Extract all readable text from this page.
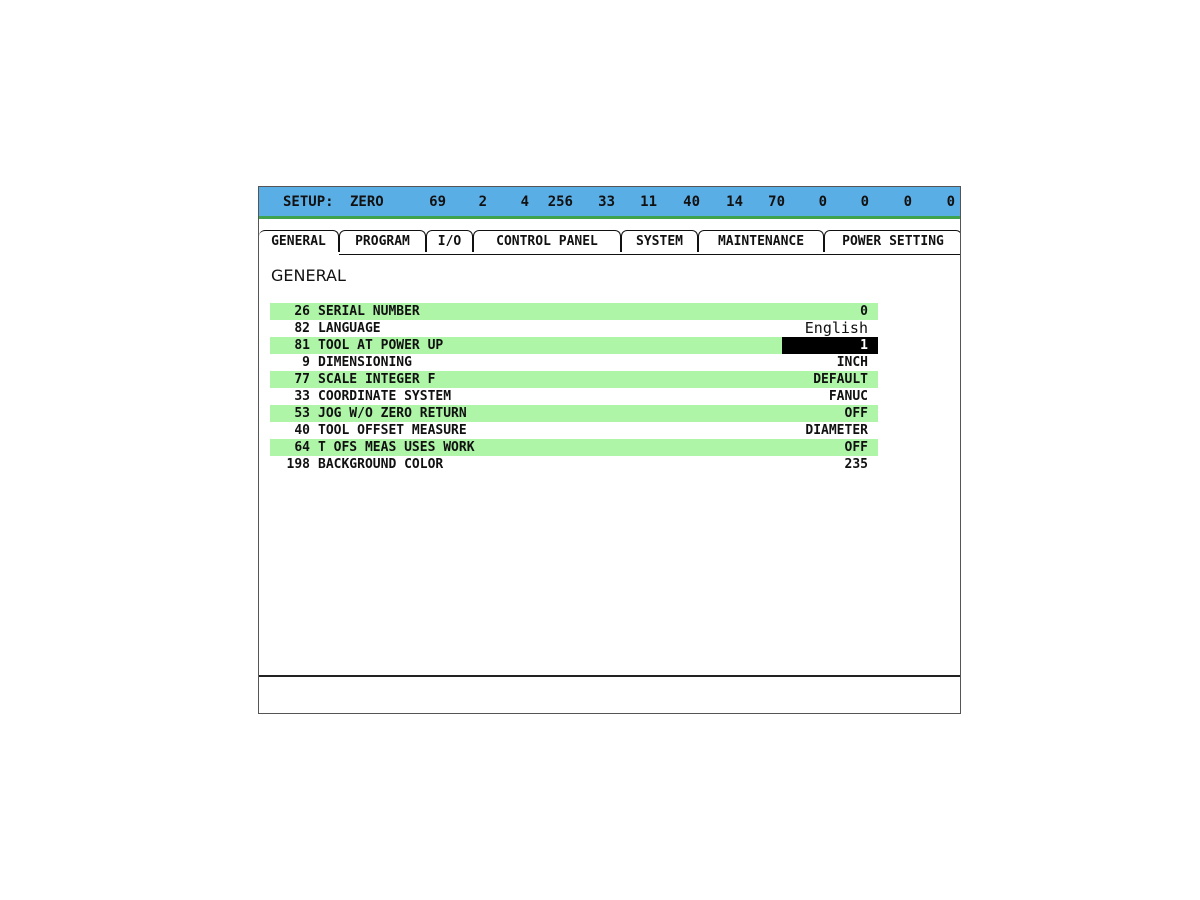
SETUP: ZERO	69	2	4	256	33	11	40	14	70	0	0	0	0
GENERAL	PROGRAM	I/O	CONTROL PANEL	SYSTEM	MAINTENANCE	POWER SETTING
GENERAL
26 SERIAL NUMBER	0
82 LANGUAGE	English
81 TOOL AT POWER UP	1
9 DIMENSIONING	INCH
77 SCALE INTEGER F	DEFAULT
33 COORDINATE SYSTEM	FANUC
53 JOG W/O ZERO RETURN	OFF
40 TOOL OFFSET MEASURE	DIAMETER
64 T OFS MEAS USES WORK	OFF
198 BACKGROUND COLOR	235
